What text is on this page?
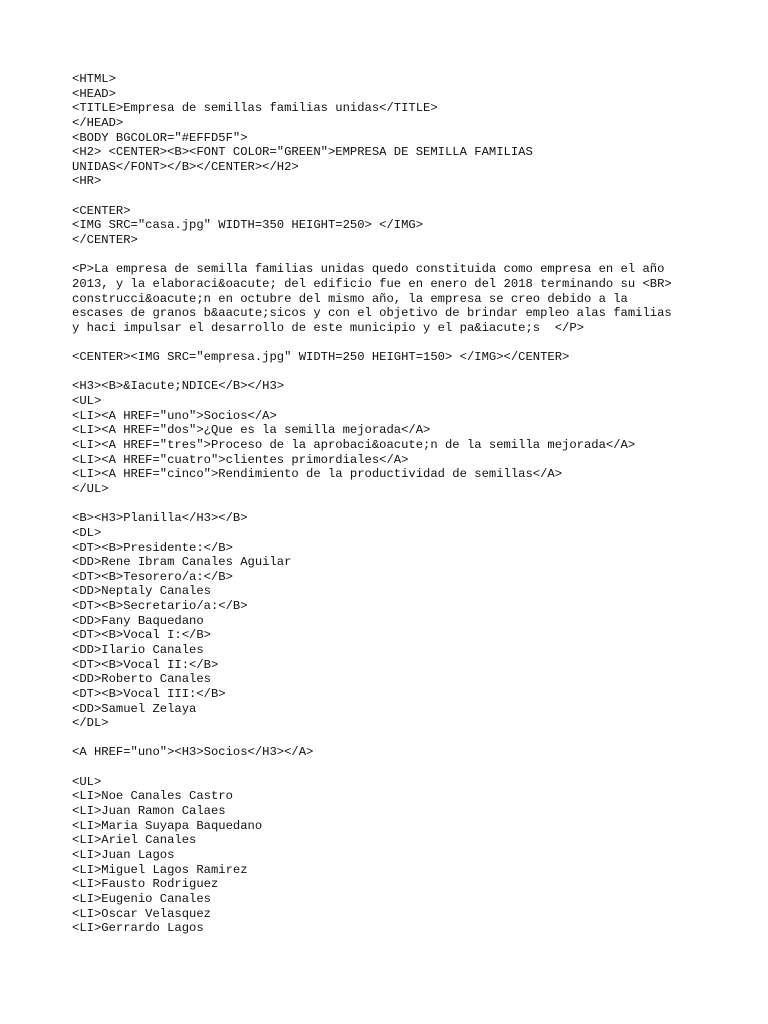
<HTML>
<HEAD>
<TITLE>Empresa de semillas familias unidas</TITLE>
</HEAD>
<BODY BGCOLOR="#EFFD5F">
<H2> <CENTER><B><FONT COLOR="GREEN">EMPRESA DE SEMILLA FAMILIAS
UNIDAS</FONT></B></CENTER></H2>
<HR>
<CENTER>
<IMG SRC="casa.jpg" WIDTH=350 HEIGHT=250> </IMG>
</CENTER>
<P>La empresa de semilla familias unidas quedo constituida como empresa en el año
2013, y la elaboraci&oacute; del edificio fue en enero del 2018 terminando su <BR>
construcci&oacute;n en octubre del mismo año, la empresa se creo debido a la
escases de granos b&aacute;sicos y con el objetivo de brindar empleo alas familias
y haci impulsar el desarrollo de este municipio y el pa&iacute;s  </P>
<CENTER><IMG SRC="empresa.jpg" WIDTH=250 HEIGHT=150> </IMG></CENTER>
<H3><B>&Iacute;NDICE</B></H3>
<UL>
<LI><A HREF="uno">Socios</A>
<LI><A HREF="dos">¿Que es la semilla mejorada</A>
<LI><A HREF="tres">Proceso de la aprobaci&oacute;n de la semilla mejorada</A>
<LI><A HREF="cuatro">clientes primordiales</A>
<LI><A HREF="cinco">Rendimiento de la productividad de semillas</A>
</UL>
<B><H3>Planilla</H3></B>
<DL>
<DT><B>Presidente:</B>
<DD>Rene Ibram Canales Aguilar
<DT><B>Tesorero/a:</B>
<DD>Neptaly Canales
<DT><B>Secretario/a:</B>
<DD>Fany Baquedano
<DT><B>Vocal I:</B>
<DD>Ilario Canales
<DT><B>Vocal II:</B>
<DD>Roberto Canales
<DT><B>Vocal III:</B>
<DD>Samuel Zelaya
</DL>
<A HREF="uno"><H3>Socios</H3></A>
<UL>
<LI>Noe Canales Castro
<LI>Juan Ramon Calaes
<LI>Maria Suyapa Baquedano
<LI>Ariel Canales
<LI>Juan Lagos
<LI>Miguel Lagos Ramirez
<LI>Fausto Rodriguez
<LI>Eugenio Canales
<LI>Oscar Velasquez
<LI>Gerrardo Lagos
